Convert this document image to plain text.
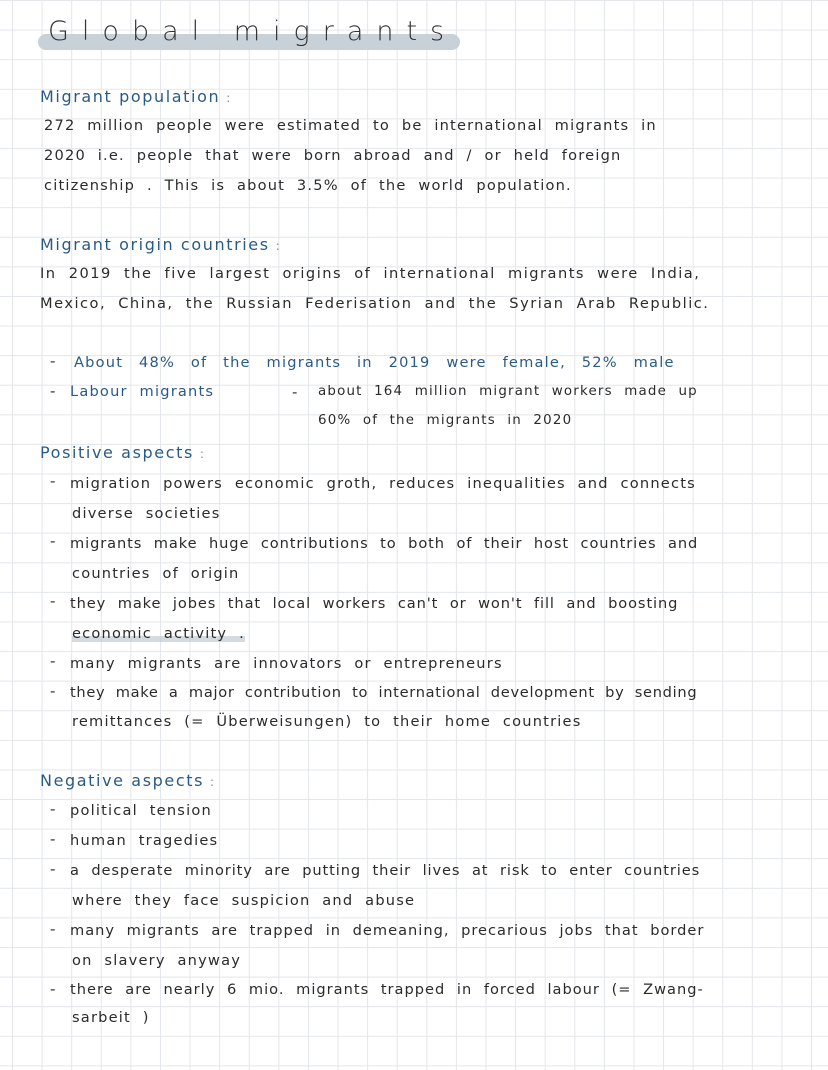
Global migrants
Migrant population :

272 million people were estimated to be international migrants in

2020 i.e. people that were born abroad and / or held foreign

citizenship . This is about 3.5% of the world population.

Migrant origin countries :

In 2019 the five largest origins of international migrants were India,

Mexico, China, the Russian Federisation and the Syrian Arab Republic.

- About 48% of the migrants in 2019 were female, 52% male

- Labour migrants	- about 164 million migrant workers made up

60% of the migrants in 2020

Positive aspects :
- migration powers economic groth, reduces inequalities and connects

diverse societies

- migrants make huge contributions to both of their host countries and

countries of origin

- they make jobes that local workers can't or won't fill and boosting

economic activity .

- many migrants are innovators or entrepreneurs

- they make a major contribution to international development by sending

remittances (= Überweisungen) to their home countries

Negative aspects :
- political tension

- human tragedies

- a desperate minority are putting their lives at risk to enter countries

where they face suspicion and abuse

- many migrants are trapped in demeaning, precarious jobs that border

on slavery anyway

- there are nearly 6 mio. migrants trapped in forced labour (= Zwang-

sarbeit )
